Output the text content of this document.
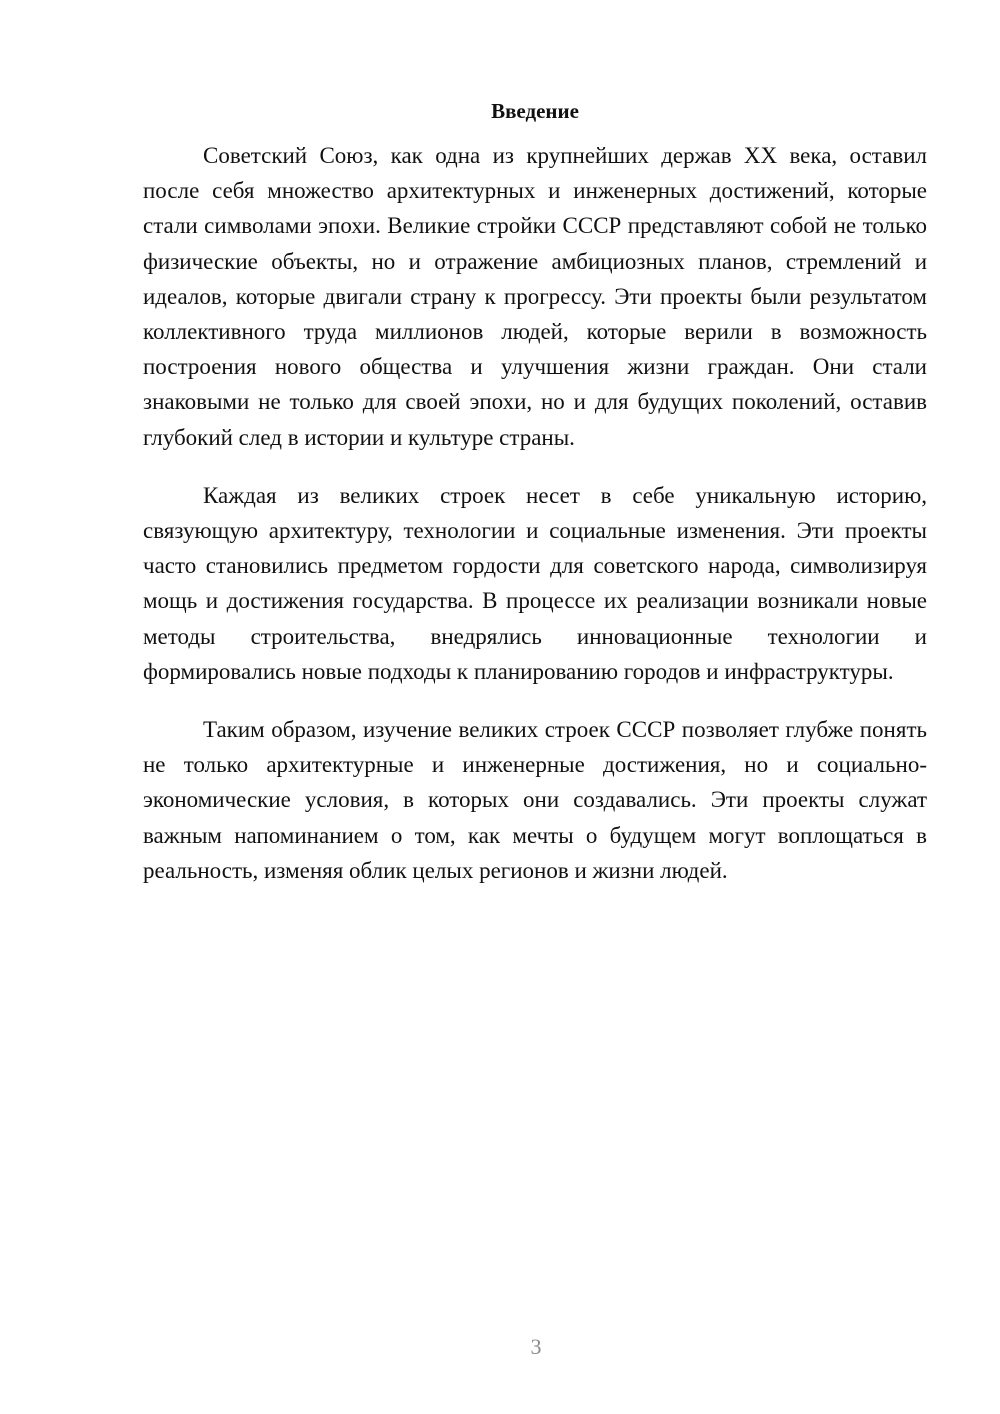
Введение

Советский Союз, как одна из крупнейших держав XX века, оставил после себя множество архитектурных и инженерных достижений, которые стали символами эпохи. Великие стройки СССР представляют собой не только физические объекты, но и отражение амбициозных планов, стремлений и идеалов, которые двигали страну к прогрессу. Эти проекты были результатом коллективного труда миллионов людей, которые верили в возможность построения нового общества и улучшения жизни граждан. Они стали знаковыми не только для своей эпохи, но и для будущих поколений, оставив глубокий след в истории и культуре страны.

Каждая из великих строек несет в себе уникальную историю, связующую архитектуру, технологии и социальные изменения. Эти проекты часто становились предметом гордости для советского народа, символизируя мощь и достижения государства. В процессе их реализации возникали новые методы строительства, внедрялись инновационные технологии и формировались новые подходы к планированию городов и инфраструктуры.

Таким образом, изучение великих строек СССР позволяет глубже понять не только архитектурные и инженерные достижения, но и социально-экономические условия, в которых они создавались. Эти проекты служат важным напоминанием о том, как мечты о будущем могут воплощаться в реальность, изменяя облик целых регионов и жизни людей.

3
